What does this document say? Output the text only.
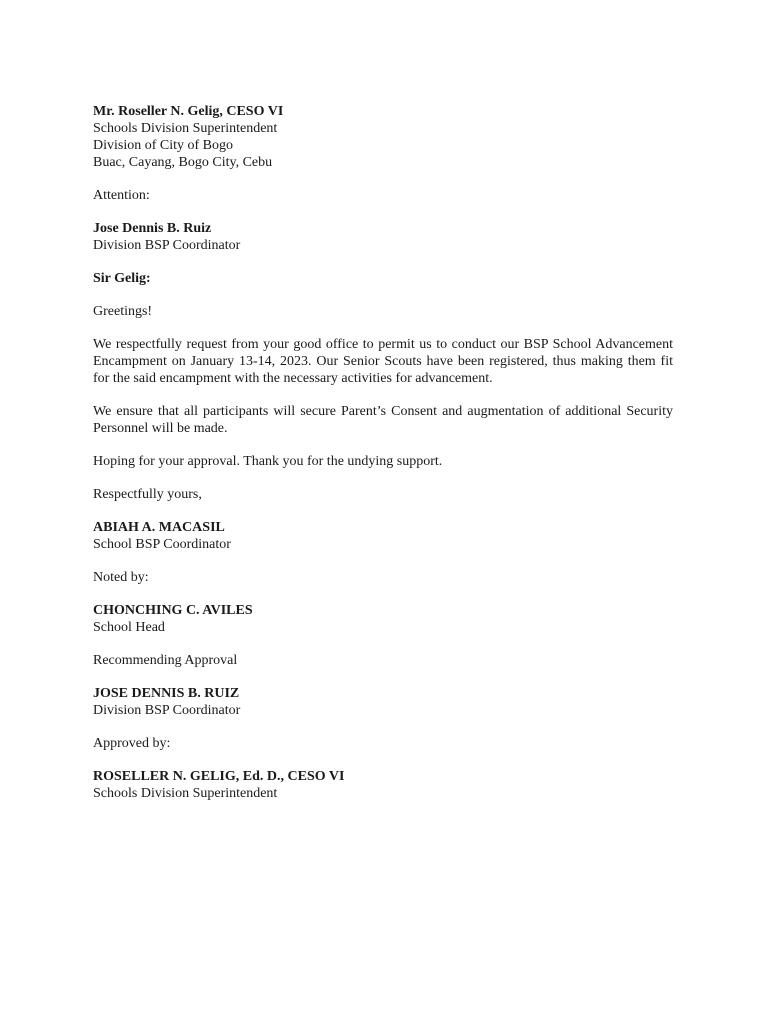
Mr. Roseller N. Gelig, CESO VI
Schools Division Superintendent
Division of City of Bogo
Buac, Cayang, Bogo City, Cebu
Attention:
Jose Dennis B. Ruiz
Division BSP Coordinator
Sir Gelig:
Greetings!
We respectfully request from your good office to permit us to conduct our BSP School Advancement Encampment on January 13-14, 2023. Our Senior Scouts have been registered, thus making them fit for the said encampment with the necessary activities for advancement.
We ensure that all participants will secure Parent’s Consent and augmentation of additional Security Personnel will be made.
Hoping for your approval. Thank you for the undying support.
Respectfully yours,
ABIAH A. MACASIL
School BSP Coordinator
Noted by:
CHONCHING C. AVILES
School Head
Recommending Approval
JOSE DENNIS B. RUIZ
Division BSP Coordinator
Approved by:
ROSELLER N. GELIG, Ed. D., CESO VI
Schools Division Superintendent
